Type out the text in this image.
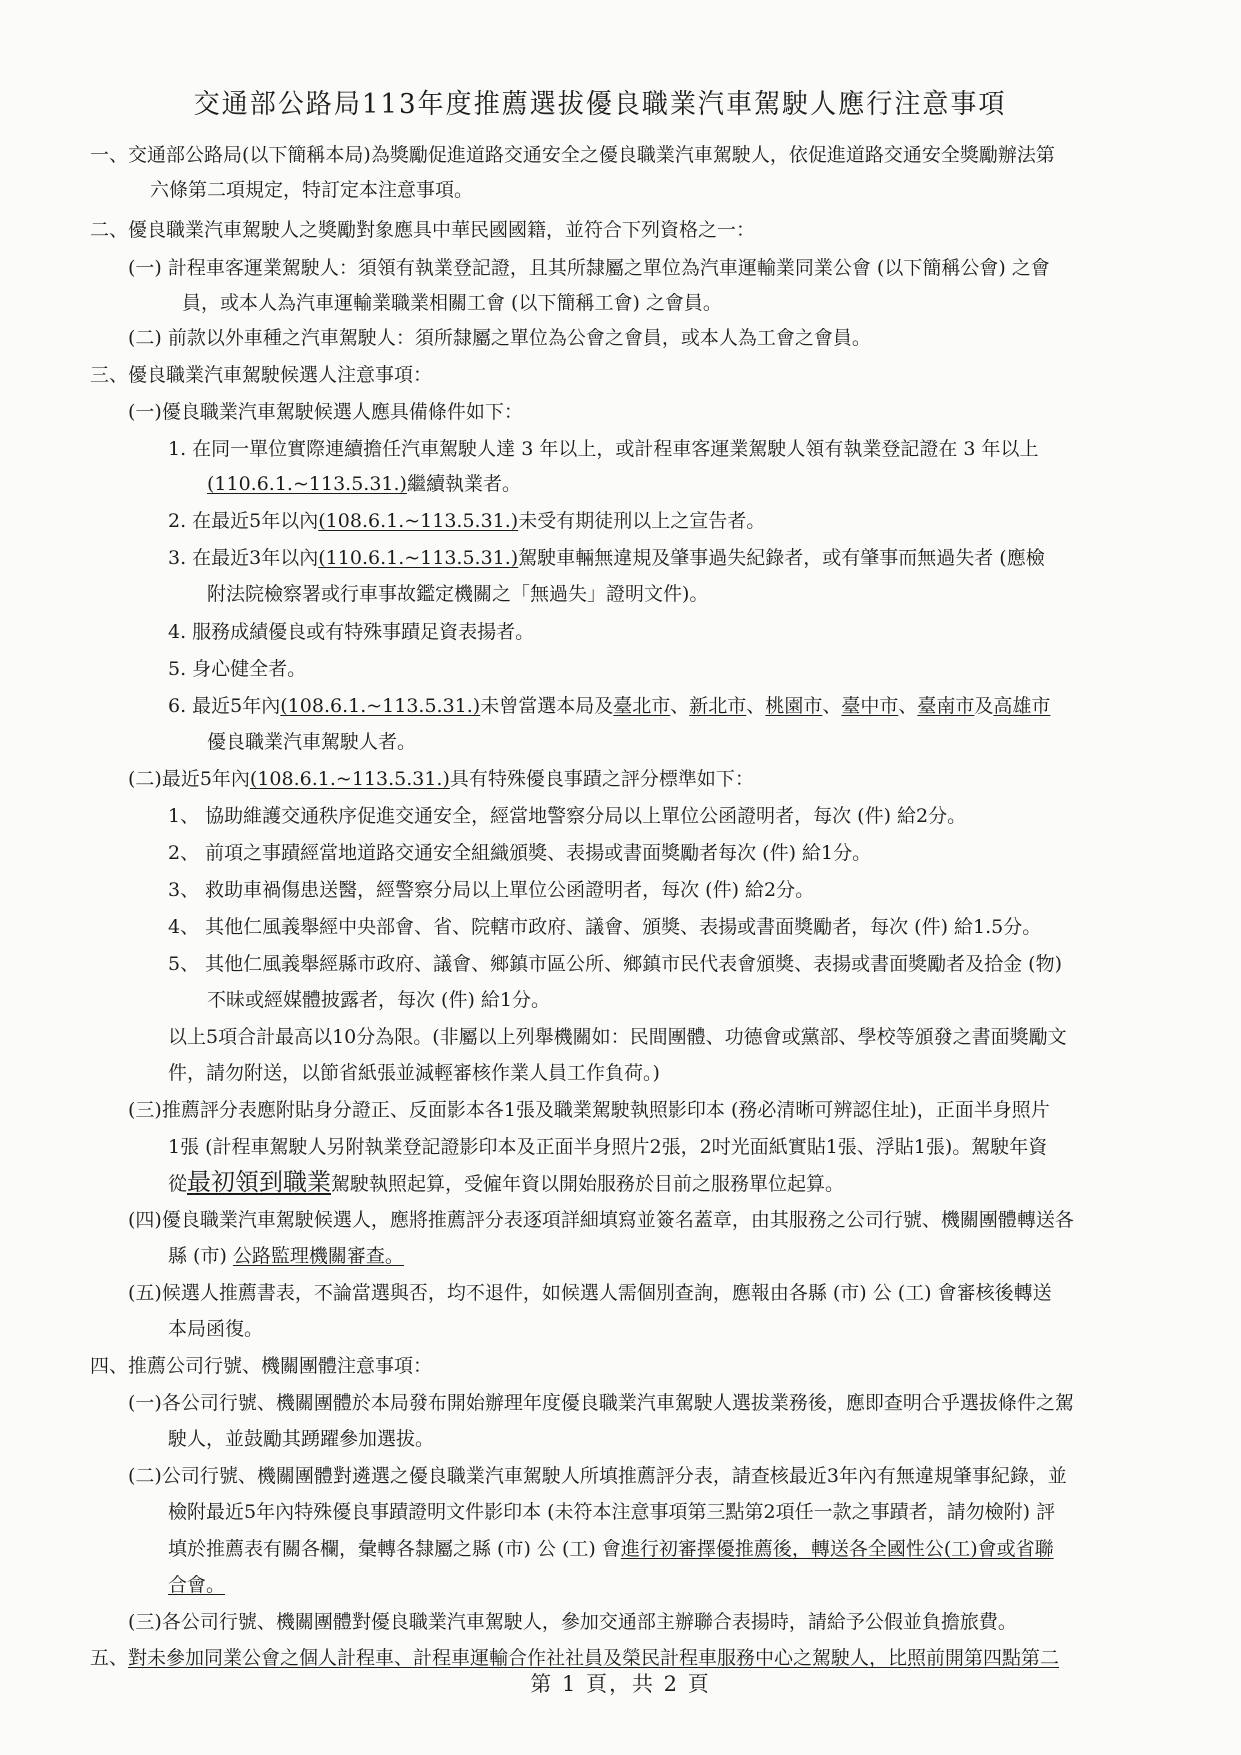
交通部公路局113年度推薦選拔優良職業汽車駕駛人應行注意事項
一、交通部公路局(以下簡稱本局)為獎勵促進道路交通安全之優良職業汽車駕駛人，依促進道路交通安全獎勵辦法第
六條第二項規定，特訂定本注意事項。
二、優良職業汽車駕駛人之獎勵對象應具中華民國國籍，並符合下列資格之一：
(一) 計程車客運業駕駛人：須領有執業登記證，且其所隸屬之單位為汽車運輸業同業公會 (以下簡稱公會) 之會
員，或本人為汽車運輸業職業相關工會 (以下簡稱工會) 之會員。
(二) 前款以外車種之汽車駕駛人：須所隸屬之單位為公會之會員，或本人為工會之會員。
三、優良職業汽車駕駛候選人注意事項：
(一)優良職業汽車駕駛候選人應具備條件如下：
1. 在同一單位實際連續擔任汽車駕駛人達 3 年以上，或計程車客運業駕駛人領有執業登記證在 3 年以上
(110.6.1.~113.5.31.)繼續執業者。
2. 在最近5年以內(108.6.1.~113.5.31.)未受有期徒刑以上之宣告者。
3. 在最近3年以內(110.6.1.~113.5.31.)駕駛車輛無違規及肇事過失紀錄者，或有肇事而無過失者 (應檢
附法院檢察署或行車事故鑑定機關之「無過失」證明文件)。
4. 服務成績優良或有特殊事蹟足資表揚者。
5. 身心健全者。
6. 最近5年內(108.6.1.~113.5.31.)未曾當選本局及臺北市、新北市、桃園市、臺中市、臺南市及高雄市
優良職業汽車駕駛人者。
(二)最近5年內(108.6.1.~113.5.31.)具有特殊優良事蹟之評分標準如下：
1、 協助維護交通秩序促進交通安全，經當地警察分局以上單位公函證明者，每次 (件) 給2分。
2、 前項之事蹟經當地道路交通安全組織頒獎、表揚或書面獎勵者每次 (件) 給1分。
3、 救助車禍傷患送醫，經警察分局以上單位公函證明者，每次 (件) 給2分。
4、 其他仁風義舉經中央部會、省、院轄市政府、議會、頒獎、表揚或書面獎勵者，每次 (件) 給1.5分。
5、 其他仁風義舉經縣市政府、議會、鄉鎮市區公所、鄉鎮市民代表會頒獎、表揚或書面獎勵者及拾金 (物)
不昧或經媒體披露者，每次 (件) 給1分。
以上5項合計最高以10分為限。(非屬以上列舉機關如：民間團體、功德會或黨部、學校等頒發之書面獎勵文
件，請勿附送，以節省紙張並減輕審核作業人員工作負荷。)
(三)推薦評分表應附貼身分證正、反面影本各1張及職業駕駛執照影印本 (務必清晰可辨認住址)，正面半身照片
1張 (計程車駕駛人另附執業登記證影印本及正面半身照片2張，2吋光面紙實貼1張、浮貼1張)。駕駛年資
從最初領到職業駕駛執照起算，受僱年資以開始服務於目前之服務單位起算。
(四)優良職業汽車駕駛候選人，應將推薦評分表逐項詳細填寫並簽名蓋章，由其服務之公司行號、機關團體轉送各
縣 (市) 公路監理機關審查。
(五)候選人推薦書表，不論當選與否，均不退件，如候選人需個別查詢，應報由各縣 (市) 公 (工) 會審核後轉送
本局函復。
四、推薦公司行號、機關團體注意事項：
(一)各公司行號、機關團體於本局發布開始辦理年度優良職業汽車駕駛人選拔業務後，應即查明合乎選拔條件之駕
駛人，並鼓勵其踴躍參加選拔。
(二)公司行號、機關團體對遴選之優良職業汽車駕駛人所填推薦評分表，請查核最近3年內有無違規肇事紀錄，並
檢附最近5年內特殊優良事蹟證明文件影印本 (未符本注意事項第三點第2項任一款之事蹟者，請勿檢附) 評
填於推薦表有關各欄，彙轉各隸屬之縣 (市) 公 (工) 會進行初審擇優推薦後，轉送各全國性公(工)會或省聯
合會。
(三)各公司行號、機關團體對優良職業汽車駕駛人，參加交通部主辦聯合表揚時，請給予公假並負擔旅費。
五、對未參加同業公會之個人計程車、計程車運輸合作社社員及榮民計程車服務中心之駕駛人，比照前開第四點第二
第 1 頁，共 2 頁
